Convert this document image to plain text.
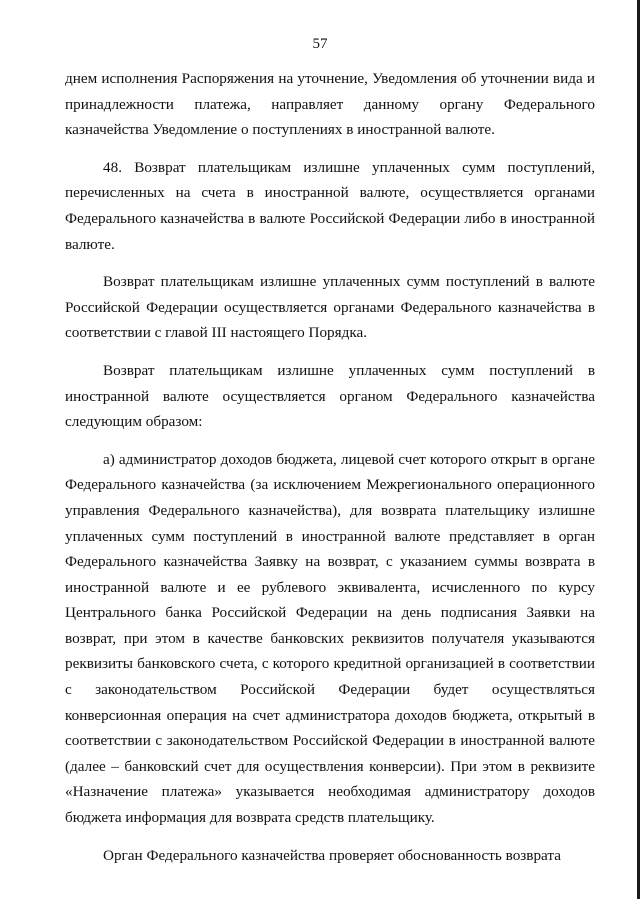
57

днем исполнения Распоряжения на уточнение, Уведомления об уточнении вида и принадлежности платежа, направляет данному органу Федерального казначейства Уведомление о поступлениях в иностранной валюте.

48. Возврат плательщикам излишне уплаченных сумм поступлений, перечисленных на счета в иностранной валюте, осуществляется органами Федерального казначейства в валюте Российской Федерации либо в иностранной валюте.

Возврат плательщикам излишне уплаченных сумм поступлений в валюте Российской Федерации осуществляется органами Федерального казначейства в соответствии с главой III настоящего Порядка.

Возврат плательщикам излишне уплаченных сумм поступлений в иностранной валюте осуществляется органом Федерального казначейства следующим образом:

а) администратор доходов бюджета, лицевой счет которого открыт в органе Федерального казначейства (за исключением Межрегионального операционного управления Федерального казначейства), для возврата плательщику излишне уплаченных сумм поступлений в иностранной валюте представляет в орган Федерального казначейства Заявку на возврат, с указанием суммы возврата в иностранной валюте и ее рублевого эквивалента, исчисленного по курсу Центрального банка Российской Федерации на день подписания Заявки на возврат, при этом в качестве банковских реквизитов получателя указываются реквизиты банковского счета, с которого кредитной организацией в соответствии с законодательством Российской Федерации будет осуществляться конверсионная операция на счет администратора доходов бюджета, открытый в соответствии с законодательством Российской Федерации в иностранной валюте (далее – банковский счет для осуществления конверсии). При этом в реквизите «Назначение платежа» указывается необходимая администратору доходов бюджета информация для возврата средств плательщику.

Орган Федерального казначейства проверяет обоснованность возврата
